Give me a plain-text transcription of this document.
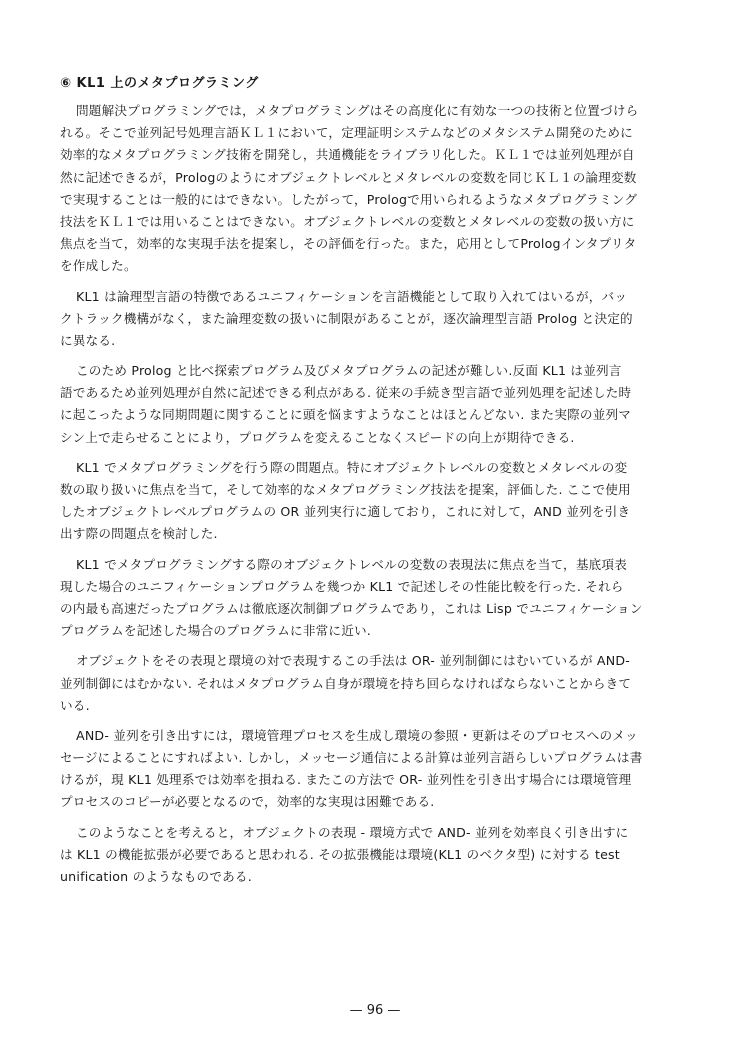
⑥ KL1 上のメタプログラミング
問題解決プログラミングでは，メタプログラミングはその高度化に有効な一つの技術と位置づけら
れる。そこで並列記号処理言語ＫＬ１において，定理証明システムなどのメタシステム開発のために
効率的なメタプログラミング技術を開発し，共通機能をライブラリ化した。ＫＬ１では並列処理が自
然に記述できるが，Prologのようにオブジェクトレベルとメタレベルの変数を同じＫＬ１の論理変数
で実現することは一般的にはできない。したがって，Prologで用いられるようなメタプログラミング
技法をＫＬ１では用いることはできない。オブジェクトレベルの変数とメタレベルの変数の扱い方に
焦点を当て，効率的な実現手法を提案し，その評価を行った。また，応用としてPrologインタプリタ
を作成した。
KL1 は論理型言語の特徴であるユニフィケーションを言語機能として取り入れてはいるが，バッ
クトラック機構がなく，また論理変数の扱いに制限があることが，逐次論理型言語 Prolog と決定的
に異なる.
このため Prolog と比べ探索プログラム及びメタプログラムの記述が難しい.反面 KL1 は並列言
語であるため並列処理が自然に記述できる利点がある. 従来の手続き型言語で並列処理を記述した時
に起こったような同期問題に関することに頭を悩ますようなことはほとんどない. また実際の並列マ
シン上で走らせることにより，プログラムを変えることなくスピードの向上が期待できる.
KL1 でメタプログラミングを行う際の問題点。特にオブジェクトレベルの変数とメタレベルの変
数の取り扱いに焦点を当て，そして効率的なメタプログラミング技法を提案，評価した. ここで使用
したオブジェクトレベルプログラムの OR 並列実行に適しており，これに対して，AND 並列を引き
出す際の問題点を検討した.
KL1 でメタプログラミングする際のオブジェクトレベルの変数の表現法に焦点を当て，基底項表
現した場合のユニフィケーションプログラムを幾つか KL1 で記述しその性能比較を行った. それら
の内最も高速だったプログラムは徹底逐次制御プログラムであり，これは Lisp でユニフィケーション
プログラムを記述した場合のプログラムに非常に近い.
オブジェクトをその表現と環境の対で表現するこの手法は OR- 並列制御にはむいているが AND-
並列制御にはむかない. それはメタプログラム自身が環境を持ち回らなければならないことからきて
いる.
AND- 並列を引き出すには，環境管理プロセスを生成し環境の参照・更新はそのプロセスへのメッ
セージによることにすればよい. しかし，メッセージ通信による計算は並列言語らしいプログラムは書
けるが，現 KL1 処理系では効率を損ねる. またこの方法で OR- 並列性を引き出す場合には環境管理
プロセスのコピーが必要となるので，効率的な実現は困難である.
このようなことを考えると，オブジェクトの表現 - 環境方式で AND- 並列を効率良く引き出すに
は KL1 の機能拡張が必要であると思われる. その拡張機能は環境(KL1 のベクタ型) に対する test
unification のようなものである.
— 96 —
